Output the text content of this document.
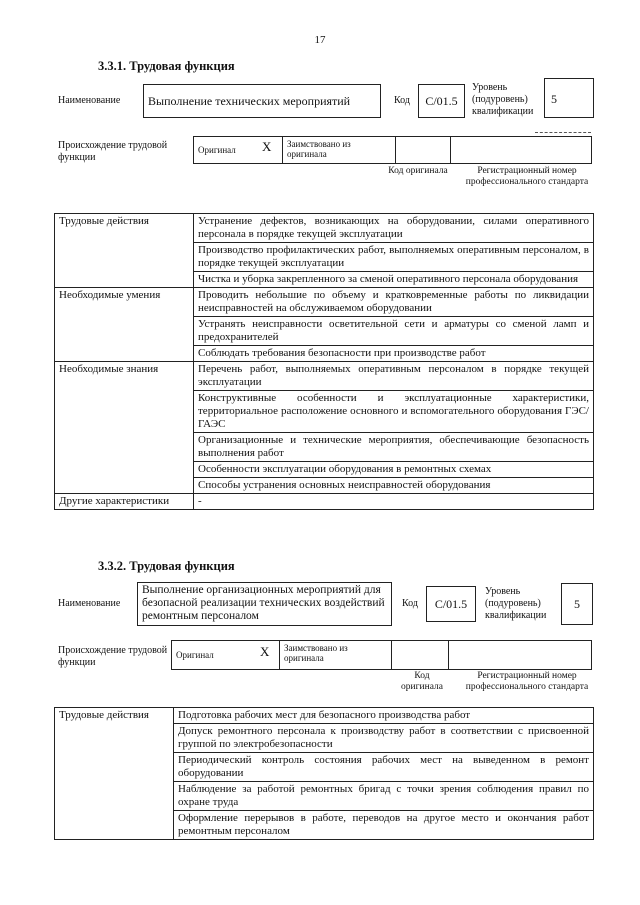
17
3.3.1. Трудовая функция
Наименование	Выполнение технических мероприятий	Код	С/01.5
Уровень (подуровень) квалификации
5
Происхождение трудовой функции
Оригинал Х	Заимствовано из оригинала
Код оригинала	Регистрационный номер профессионального стандарта
Трудовые действия	Устранение дефектов, возникающих на оборудовании, силами оперативного персонала в порядке текущей эксплуатации
	Производство профилактических работ, выполняемых оперативным персоналом, в порядке текущей эксплуатации
	Чистка и уборка закрепленного за сменой оперативного персонала оборудования
Необходимые умения	Проводить небольшие по объему и кратковременные работы по ликвидации неисправностей на обслуживаемом оборудовании
	Устранять неисправности осветительной сети и арматуры со сменой ламп и предохранителей
	Соблюдать требования безопасности при производстве работ
Необходимые знания	Перечень работ, выполняемых оперативным персоналом в порядке текущей эксплуатации
	Конструктивные особенности и эксплуатационные характеристики, территориальное расположение основного и вспомогательного оборудования ГЭС/ГАЭС
	Организационные и технические мероприятия, обеспечивающие безопасность выполнения работ
	Особенности эксплуатации оборудования в ремонтных схемах
	Способы устранения основных неисправностей оборудования
Другие характеристики	-
3.3.2. Трудовая функция
Наименование
Выполнение организационных мероприятий для безопасной реализации технических воздействий ремонтным персоналом
Код	С/01.5
Уровень (подуровень) квалификации
5
Происхождение трудовой функции
Оригинал	Х	Заимствовано из оригинала
Код оригинала
Регистрационный номер профессионального стандарта
Трудовые действия	Подготовка рабочих мест для безопасного производства работ
Допуск ремонтного персонала к производству работ в соответствии с присвоенной группой по электробезопасности
Периодический контроль состояния рабочих мест на выведенном в ремонт оборудовании
Наблюдение за работой ремонтных бригад с точки зрения соблюдения правил по охране труда
Оформление перерывов в работе, переводов на другое место и окончания работ ремонтным персоналом
